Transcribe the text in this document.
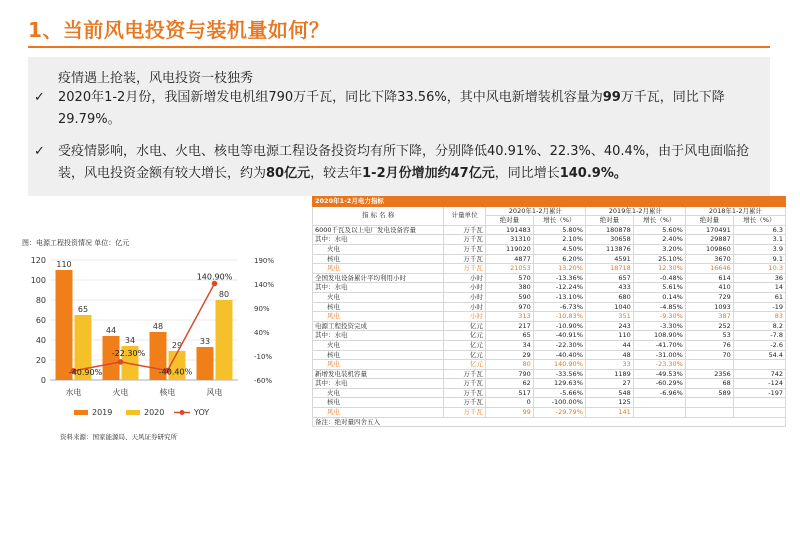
1、当前风电投资与装机量如何？
疫情遇上抢装，风电投资一枝独秀
✓	2020年1-2月份，我国新增发电机组790万千瓦，同比下降33.56%，其中风电新增装机容量为99万千瓦，同比下降29.79%。
✓	受疫情影响，水电、火电、核电等电源工程设备投资均有所下降，分别降低40.91%、22.3%、40.4%，由于风电面临抢装，风电投资金额有较大增长，约为80亿元，较去年1-2月份增加约47亿元，同比增长140.9%。
图：电源工程投资情况 单位：亿元
0
20
40
60
80
100
120
-60%
-10%
40%
90%
140%
190%
110
65
水电
44
34
火电
48
29
核电
33
80
风电
-40.90%
-22.30%
-40.40%
140.90%
2019	2020	YOY
资料来源：国家能源局、天风证券研究所
2020年1-2月电力指标							
指 标 名 称	计量单位	2020年1-2月累计		2019年1-2月累计		2018年1-2月累计	
		绝对量	增长（%）	绝对量	增长（%）	绝对量	增长（%）
6000千瓦及以上电厂发电设备容量	万千瓦	191483	5.80%	180878	5.60%	170491	6.3
其中：水电	万千瓦	31310	2.10%	30658	2.40%	29887	3.1
火电	万千瓦	119020	4.50%	113876	3.20%	109860	3.9
核电	万千瓦	4877	6.20%	4591	25.10%	3670	9.1
风电	万千瓦	21053	13.20%	18718	12.30%	16646	10.3
全国发电设备累计平均利用小时	小时	570	-13.36%	657	-0.48%	614	36
其中：水电	小时	380	-12.24%	433	5.61%	410	14
火电	小时	590	-13.10%	680	0.14%	729	61
核电	小时	970	-6.73%	1040	-4.85%	1093	-19
风电	小时	313	-10.83%	351	-9.30%	387	83
电源工程投资完成	亿元	217	-10.90%	243	-3.30%	252	8.2
其中：水电	亿元	65	-40.91%	110	108.90%	53	-7.8
火电	亿元	34	-22.30%	44	-41.70%	76	-2.6
核电	亿元	29	-40.40%	48	-31.00%	70	54.4
风电	亿元	80	140.90%	33	-23.30%		
新增发电装机容量	万千瓦	790	-33.56%	1189	-49.53%	2356	742
其中：水电	万千瓦	62	129.63%	27	-60.29%	68	-124
火电	万千瓦	517	-5.66%	548	-6.96%	589	-197
核电	万千瓦	0	-100.00%	125			
风电	万千瓦	99	-29.79%	141			
备注：绝对量四舍五入							
